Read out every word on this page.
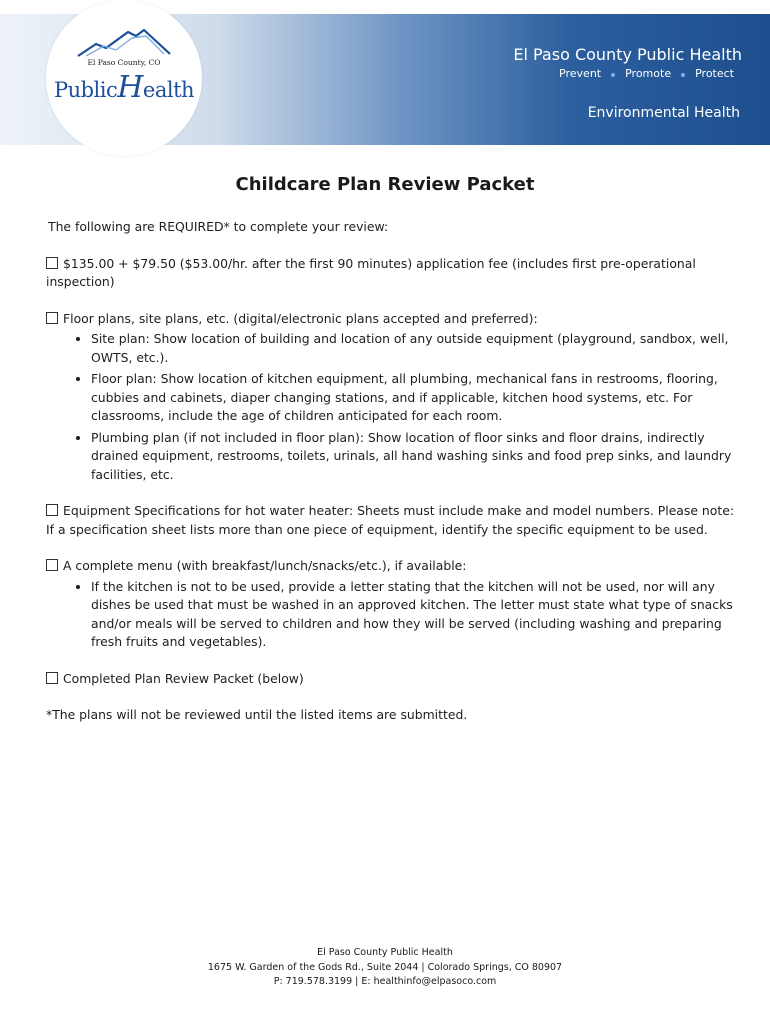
El Paso County Public Health
Prevent Promote Protect
Environmental Health
El Paso County, CO
PublicHealth
Childcare Plan Review Packet
The following are REQUIRED* to complete your review:
$135.00 + $79.50 ($53.00/hr. after the first 90 minutes) application fee (includes first pre-operational inspection)
Floor plans, site plans, etc. (digital/electronic plans accepted and preferred):
• Site plan: Show location of building and location of any outside equipment (playground, sandbox, well, OWTS, etc.).
• Floor plan: Show location of kitchen equipment, all plumbing, mechanical fans in restrooms, flooring, cubbies and cabinets, diaper changing stations, and if applicable, kitchen hood systems, etc. For classrooms, include the age of children anticipated for each room.
• Plumbing plan (if not included in floor plan): Show location of floor sinks and floor drains, indirectly drained equipment, restrooms, toilets, urinals, all hand washing sinks and food prep sinks, and laundry facilities, etc.
Equipment Specifications for hot water heater: Sheets must include make and model numbers. Please note: If a specification sheet lists more than one piece of equipment, identify the specific equipment to be used.
A complete menu (with breakfast/lunch/snacks/etc.), if available:
• If the kitchen is not to be used, provide a letter stating that the kitchen will not be used, nor will any dishes be used that must be washed in an approved kitchen. The letter must state what type of snacks and/or meals will be served to children and how they will be served (including washing and preparing fresh fruits and vegetables).
Completed Plan Review Packet (below)
*The plans will not be reviewed until the listed items are submitted.
El Paso County Public Health
1675 W. Garden of the Gods Rd., Suite 2044 | Colorado Springs, CO 80907
P: 719.578.3199 | E: healthinfo@elpasoco.com
